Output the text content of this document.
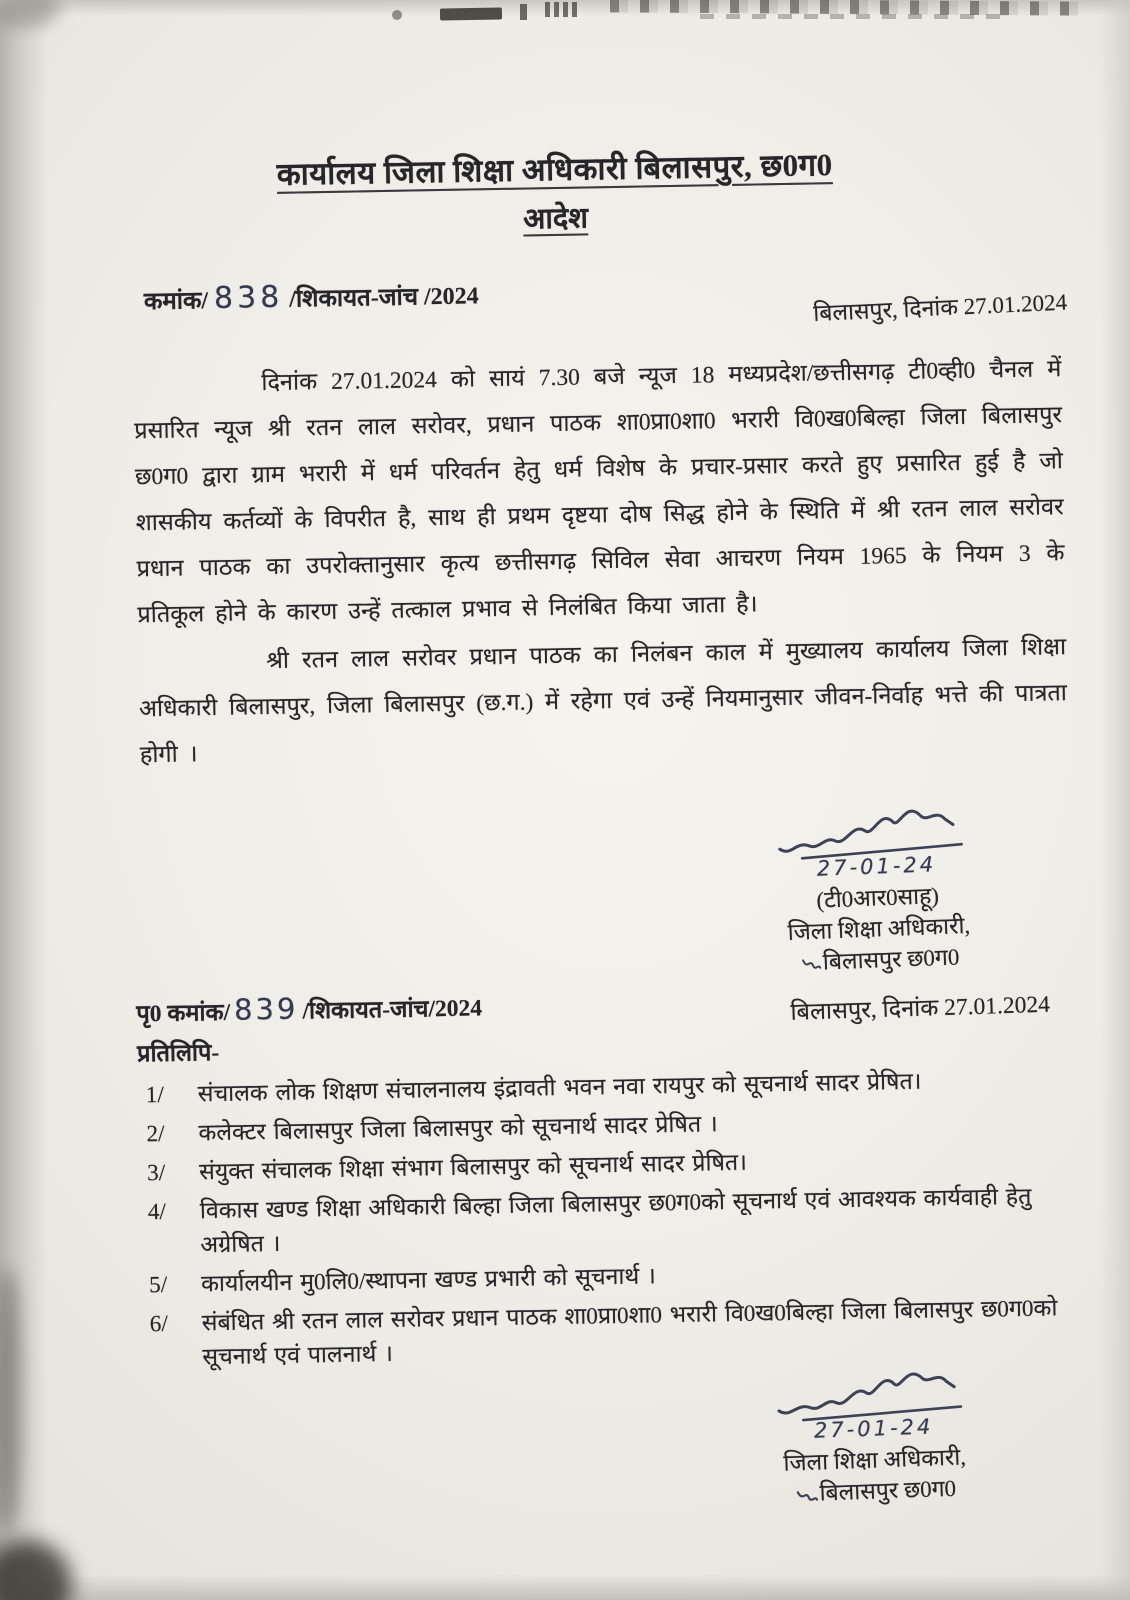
कार्यालय जिला शिक्षा अधिकारी बिलासपुर, छ0ग0
आदेश
कमांक/ 838 /शिकायत-जांच /2024	बिलासपुर, दिनांक 27.01.2024

दिनांक 27.01.2024 को सायं 7.30 बजे न्यूज 18 मध्यप्रदेश/छत्तीसगढ़ टी0व्ही0 चैनल में प्रसारित न्यूज श्री रतन लाल सरोवर, प्रधान पाठक शा0प्रा0शा0 भरारी वि0ख0बिल्हा जिला बिलासपुर छ0ग0 द्वारा ग्राम भरारी में धर्म परिवर्तन हेतु धर्म विशेष के प्रचार-प्रसार करते हुए प्रसारित हुई है जो शासकीय कर्तव्यों के विपरीत है, साथ ही प्रथम दृष्टया दोष सिद्ध होने के स्थिति में श्री रतन लाल सरोवर प्रधान पाठक का उपरोक्तानुसार कृत्य छत्तीसगढ़ सिविल सेवा आचरण नियम 1965 के नियम 3 के प्रतिकूल होने के कारण उन्हें तत्काल प्रभाव से निलंबित किया जाता है।

श्री रतन लाल सरोवर प्रधान पाठक का निलंबन काल में मुख्यालय कार्यालय जिला शिक्षा अधिकारी बिलासपुर, जिला बिलासपुर (छ.ग.) में रहेगा एवं उन्हें नियमानुसार जीवन-निर्वाह भत्ते की पात्रता होगी ।

27-01-24
(टी0आर0साहू)
जिला शिक्षा अधिकारी,
बिलासपुर छ0ग0
पृ0 कमांक/ 839 /शिकायत-जांच/2024	बिलासपुर, दिनांक 27.01.2024
प्रतिलिपि-
1/	संचालक लोक शिक्षण संचालनालय इंद्रावती भवन नवा रायपुर को सूचनार्थ सादर प्रेषित।
2/	कलेक्टर बिलासपुर जिला बिलासपुर को सूचनार्थ सादर प्रेषित ।
3/	संयुक्त संचालक शिक्षा संभाग बिलासपुर को सूचनार्थ सादर प्रेषित।
4/	विकास खण्ड शिक्षा अधिकारी बिल्हा जिला बिलासपुर छ0ग0को सूचनार्थ एवं आवश्यक कार्यवाही हेतु अग्रेषित ।
5/	कार्यालयीन मु0लि0/स्थापना खण्ड प्रभारी को सूचनार्थ ।
6/	संबंधित श्री रतन लाल सरोवर प्रधान पाठक शा0प्रा0शा0 भरारी वि0ख0बिल्हा जिला बिलासपुर छ0ग0को सूचनार्थ एवं पालनार्थ ।
27-01-24
जिला शिक्षा अधिकारी,
बिलासपुर छ0ग0
